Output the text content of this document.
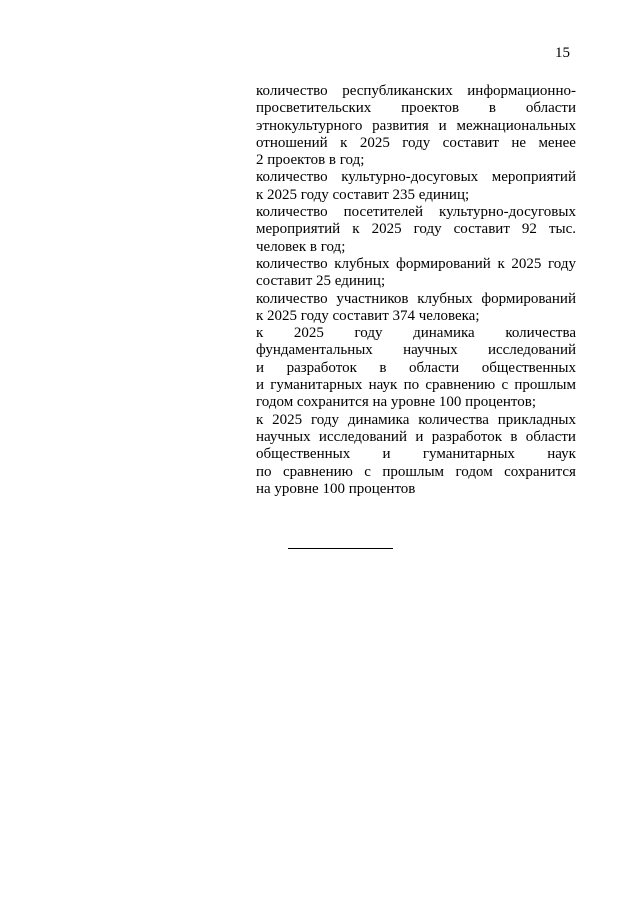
15

количество республиканских информационно-
просветительских проектов в области
этнокультурного развития и межнациональных
отношений к 2025 году составит не менее
2 проектов в год;

количество культурно-досуговых мероприятий
к 2025 году составит 235 единиц;

количество посетителей культурно-досуговых
мероприятий к 2025 году составит 92 тыс.
человек в год;

количество клубных формирований к 2025 году
составит 25 единиц;

количество участников клубных формирований
к 2025 году составит 374 человека;

к 2025 году динамика количества
фундаментальных научных исследований
и разработок в области общественных
и гуманитарных наук по сравнению с прошлым
годом сохранится на уровне 100 процентов;

к 2025 году динамика количества прикладных
научных исследований и разработок в области
общественных и гуманитарных наук
по сравнению с прошлым годом сохранится
на уровне 100 процентов
